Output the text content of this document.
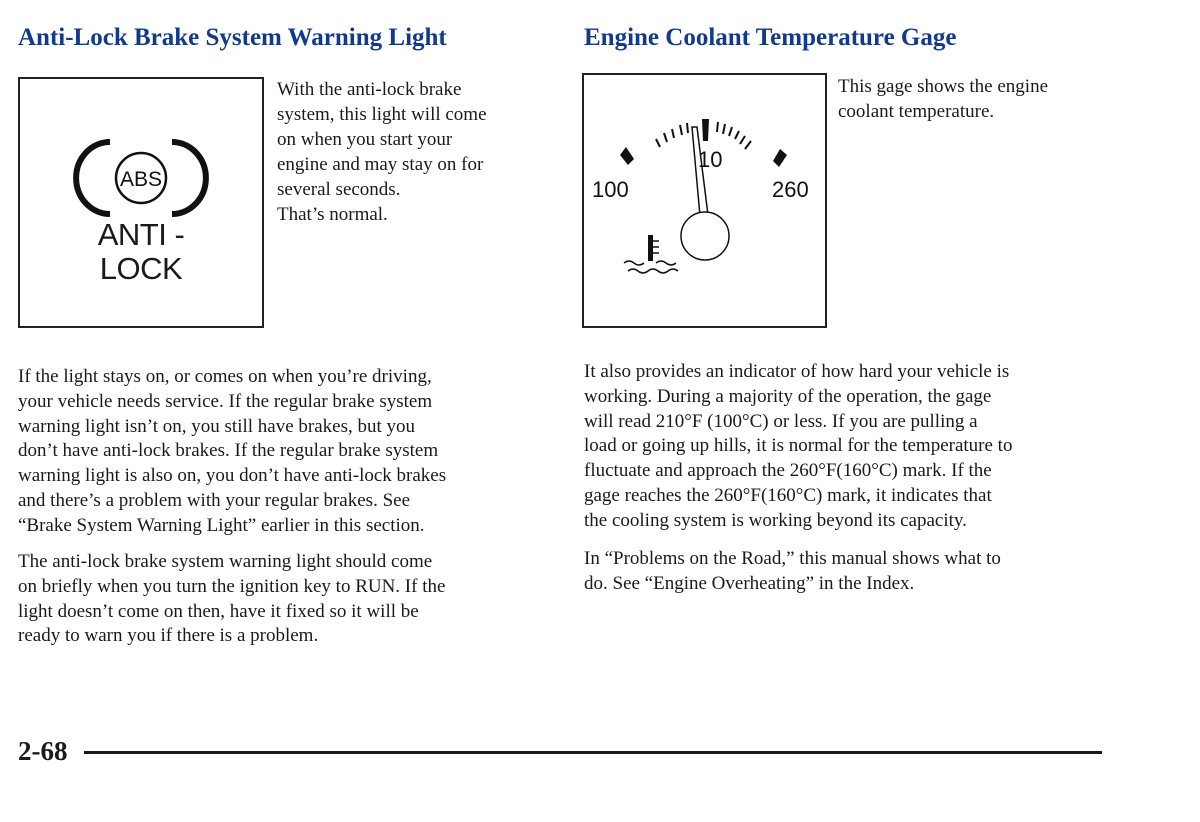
Anti-Lock Brake System Warning Light
ABS
ANTI -
LOCK
With the anti-lock brake
system, this light will come
on when you start your
engine and may stay on for
several seconds.
That’s normal.
If the light stays on, or comes on when you’re driving,
your vehicle needs service. If the regular brake system
warning light isn’t on, you still have brakes, but you
don’t have anti-lock brakes. If the regular brake system
warning light is also on, you don’t have anti-lock brakes
and there’s a problem with your regular brakes. See
“Brake System Warning Light” earlier in this section.
The anti-lock brake system warning light should come
on briefly when you turn the ignition key to RUN. If the
light doesn’t come on then, have it fixed so it will be
ready to warn you if there is a problem.
Engine Coolant Temperature Gage
100
10
260
This gage shows the engine
coolant temperature.
It also provides an indicator of how hard your vehicle is
working. During a majority of the operation, the gage
will read 210°F (100°C) or less. If you are pulling a
load or going up hills, it is normal for the temperature to
fluctuate and approach the 260°F(160°C) mark. If the
gage reaches the 260°F(160°C) mark, it indicates that
the cooling system is working beyond its capacity.
In “Problems on the Road,” this manual shows what to
do. See “Engine Overheating” in the Index.
2-68
